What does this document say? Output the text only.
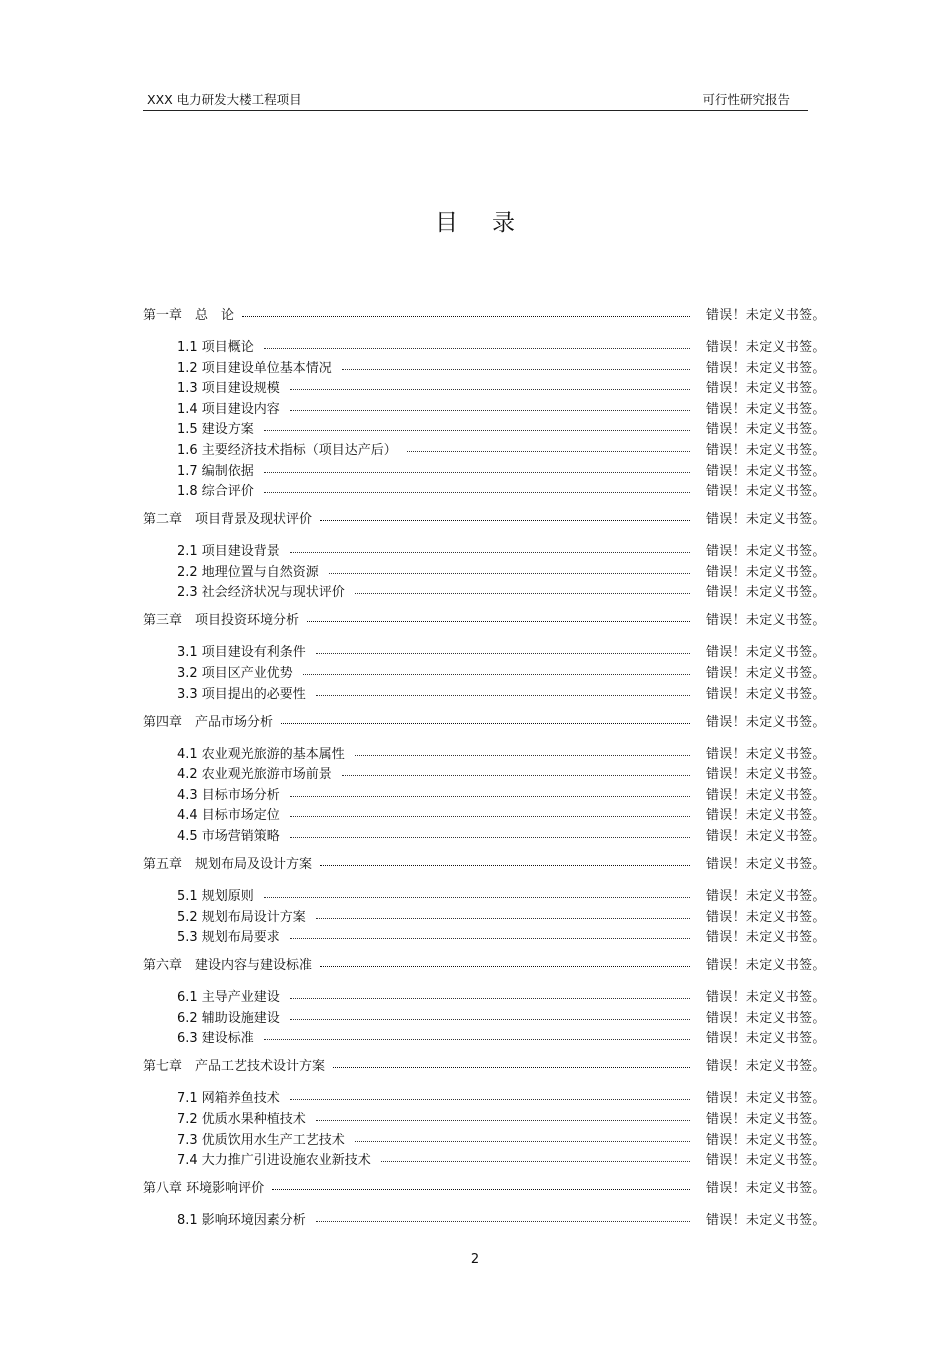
XXX 电力研发大楼工程项目	可行性研究报告
目录
第一章　总　论	错误！未定义书签。
1.1 项目概论	错误！未定义书签。
1.2 项目建设单位基本情况	错误！未定义书签。
1.3 项目建设规模	错误！未定义书签。
1.4 项目建设内容	错误！未定义书签。
1.5 建设方案	错误！未定义书签。
1.6 主要经济技术指标（项目达产后）	错误！未定义书签。
1.7 编制依据	错误！未定义书签。
1.8 综合评价	错误！未定义书签。
第二章　项目背景及现状评价	错误！未定义书签。
2.1 项目建设背景	错误！未定义书签。
2.2 地理位置与自然资源	错误！未定义书签。
2.3 社会经济状况与现状评价	错误！未定义书签。
第三章　项目投资环境分析	错误！未定义书签。
3.1 项目建设有利条件	错误！未定义书签。
3.2 项目区产业优势	错误！未定义书签。
3.3 项目提出的必要性	错误！未定义书签。
第四章　产品市场分析	错误！未定义书签。
4.1 农业观光旅游的基本属性	错误！未定义书签。
4.2 农业观光旅游市场前景	错误！未定义书签。
4.3 目标市场分析	错误！未定义书签。
4.4 目标市场定位	错误！未定义书签。
4.5 市场营销策略	错误！未定义书签。
第五章　规划布局及设计方案	错误！未定义书签。
5.1 规划原则	错误！未定义书签。
5.2 规划布局设计方案	错误！未定义书签。
5.3 规划布局要求	错误！未定义书签。
第六章　建设内容与建设标准	错误！未定义书签。
6.1 主导产业建设	错误！未定义书签。
6.2 辅助设施建设	错误！未定义书签。
6.3 建设标准	错误！未定义书签。
第七章　产品工艺技术设计方案	错误！未定义书签。
7.1 网箱养鱼技术	错误！未定义书签。
7.2 优质水果种植技术	错误！未定义书签。
7.3 优质饮用水生产工艺技术	错误！未定义书签。
7.4 大力推广引进设施农业新技术	错误！未定义书签。
第八章 环境影响评价	错误！未定义书签。
8.1 影响环境因素分析	错误！未定义书签。
2
